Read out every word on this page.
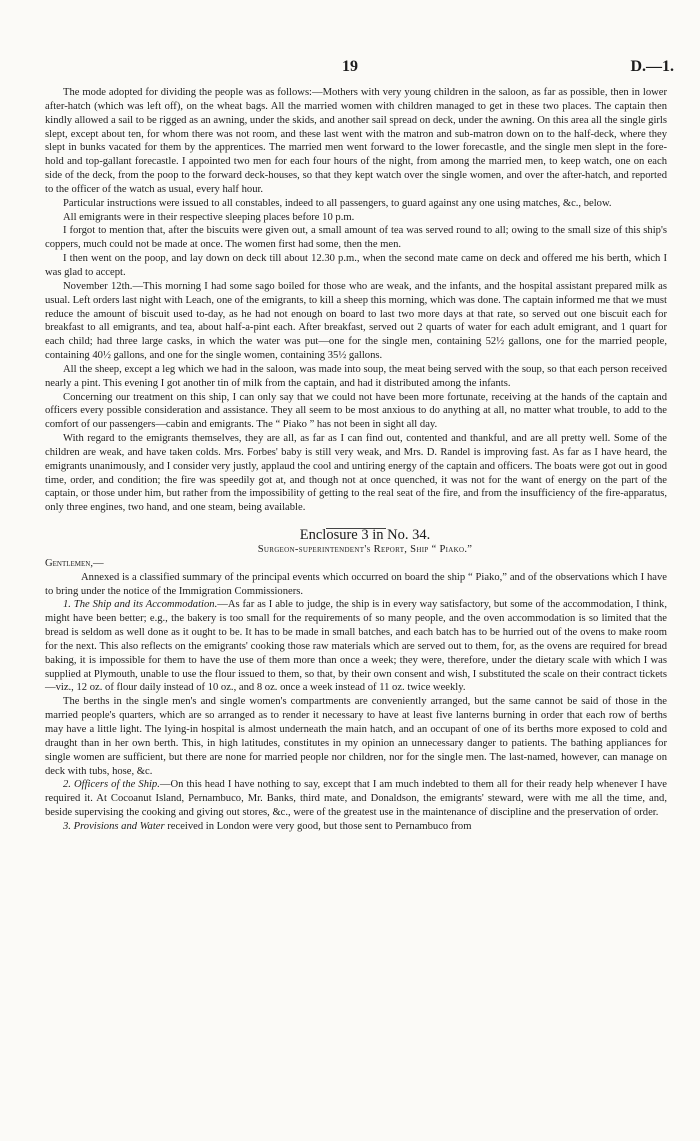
19	D.—1.

The mode adopted for dividing the people was as follows:—Mothers with very young children in the saloon, as far as possible, then in lower after-hatch (which was left off), on the wheat bags. All the married women with children managed to get in these two places. The captain then kindly allowed a sail to be rigged as an awning, under the skids, and another sail spread on deck, under the awning. On this area all the single girls slept, except about ten, for whom there was not room, and these last went with the matron and sub-matron down on to the half-deck, where they slept in bunks vacated for them by the apprentices. The married men went forward to the lower forecastle, and the single men slept in the fore-hold and top-gallant forecastle. I appointed two men for each four hours of the night, from among the married men, to keep watch, one on each side of the deck, from the poop to the forward deck-houses, so that they kept watch over the single women, and over the after-hatch, and reported to the officer of the watch as usual, every half hour.

Particular instructions were issued to all constables, indeed to all passengers, to guard against any one using matches, &c., below.

All emigrants were in their respective sleeping places before 10 p.m.

I forgot to mention that, after the biscuits were given out, a small amount of tea was served round to all; owing to the small size of this ship's coppers, much could not be made at once. The women first had some, then the men.

I then went on the poop, and lay down on deck till about 12.30 p.m., when the second mate came on deck and offered me his berth, which I was glad to accept.

November 12th.—This morning I had some sago boiled for those who are weak, and the infants, and the hospital assistant prepared milk as usual. Left orders last night with Leach, one of the emigrants, to kill a sheep this morning, which was done. The captain informed me that we must reduce the amount of biscuit used to-day, as he had not enough on board to last two more days at that rate, so served out one biscuit each for breakfast to all emigrants, and tea, about half-a-pint each. After breakfast, served out 2 quarts of water for each adult emigrant, and 1 quart for each child; had three large casks, in which the water was put—one for the single men, containing 52½ gallons, one for the married people, containing 40½ gallons, and one for the single women, containing 35½ gallons.

All the sheep, except a leg which we had in the saloon, was made into soup, the meat being served with the soup, so that each person received nearly a pint. This evening I got another tin of milk from the captain, and had it distributed among the infants.

Concerning our treatment on this ship, I can only say that we could not have been more fortunate, receiving at the hands of the captain and officers every possible consideration and assistance. They all seem to be most anxious to do anything at all, no matter what trouble, to add to the comfort of our passengers—cabin and emigrants. The “ Piako ” has not been in sight all day.

With regard to the emigrants themselves, they are all, as far as I can find out, contented and thankful, and are all pretty well. Some of the children are weak, and have taken colds. Mrs. Forbes' baby is still very weak, and Mrs. D. Randel is improving fast. As far as I have heard, the emigrants unanimously, and I consider very justly, applaud the cool and untiring energy of the captain and officers. The boats were got out in good time, order, and condition; the fire was speedily got at, and though not at once quenched, it was not for the want of energy on the part of the captain, or those under him, but rather from the impossibility of getting to the real seat of the fire, and from the insufficiency of the fire-apparatus, only three engines, two hand, and one steam, being available.

Enclosure 3 in No. 34.

Surgeon-superintendent's Report, Ship “ Piako.”

Gentlemen,—

Annexed is a classified summary of the principal events which occurred on board the ship “ Piako,” and of the observations which I have to bring under the notice of the Immigration Commissioners.

1. The Ship and its Accommodation.—As far as I able to judge, the ship is in every way satisfactory, but some of the accommodation, I think, might have been better; e.g., the bakery is too small for the requirements of so many people, and the oven accommodation is so limited that the bread is seldom as well done as it ought to be. It has to be made in small batches, and each batch has to be hurried out of the ovens to make room for the next. This also reflects on the emigrants' cooking those raw materials which are served out to them, for, as the ovens are required for bread baking, it is impossible for them to have the use of them more than once a week; they were, therefore, under the dietary scale with which I was supplied at Plymouth, unable to use the flour issued to them, so that, by their own consent and wish, I substituted the scale on their contract tickets—viz., 12 oz. of flour daily instead of 10 oz., and 8 oz. once a week instead of 11 oz. twice weekly.

The berths in the single men's and single women's compartments are conveniently arranged, but the same cannot be said of those in the married people's quarters, which are so arranged as to render it necessary to have at least five lanterns burning in order that each row of berths may have a little light. The lying-in hospital is almost underneath the main hatch, and an occupant of one of its berths more exposed to cold and draught than in her own berth. This, in high latitudes, constitutes in my opinion an unnecessary danger to patients. The bathing appliances for single women are sufficient, but there are none for married people nor children, nor for the single men. The last-named, however, can manage on deck with tubs, hose, &c.

2. Officers of the Ship.—On this head I have nothing to say, except that I am much indebted to them all for their ready help whenever I have required it. At Cocoanut Island, Pernambuco, Mr. Banks, third mate, and Donaldson, the emigrants' steward, were with me all the time, and, beside supervising the cooking and giving out stores, &c., were of the greatest use in the maintenance of discipline and the preservation of order.

3. Provisions and Water received in London were very good, but those sent to Pernambuco from
